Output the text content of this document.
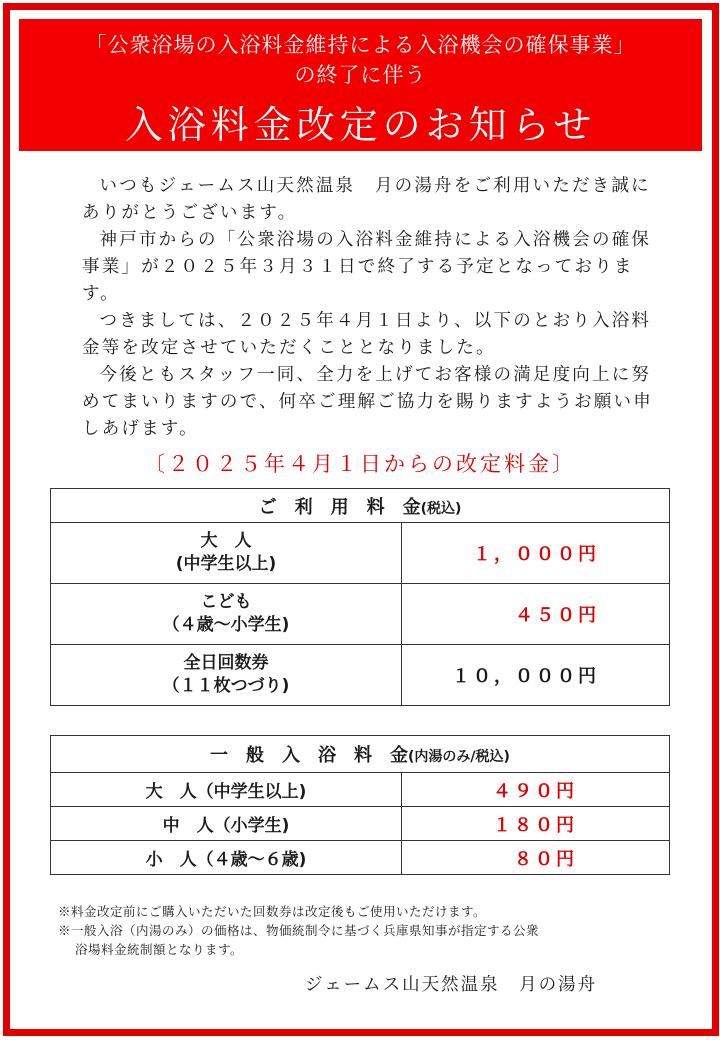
「公衆浴場の入浴料金維持による入浴機会の確保事業」
の終了に伴う
入浴料金改定のお知らせ

いつもジェームス山天然温泉　月の湯舟をご利用いただき誠にありがとうございます。

神戸市からの「公衆浴場の入浴料金維持による入浴機会の確保事業」が２０２５年３月３１日で終了する予定となっております。

つきましては、２０２５年４月１日より、以下のとおり入浴料金等を改定させていただくこととなりました。

今後ともスタッフ一同、全力を上げてお客様の満足度向上に努めてまいりますので、何卒ご理解ご協力を賜りますようお願い申しあげます。

〔２０２５年４月１日からの改定料金〕
ご　利　用　料　金(税込)	

大　人
(中学生以上)	１，０００円

こども
（４歳〜小学生)	４５０円

全日回数券
（１１枚つづり)	１０，０００円
一　般　入　浴　料　金(内湯のみ/税込)	
大　人（中学生以上)	４９０円
中　人（小学生)	１８０円
小　人（４歳〜６歳)	８０円

※料金改定前にご購入いただいた回数券は改定後もご使用いただけます。

※一般入浴（内湯のみ）の価格は、物価統制令に基づく兵庫県知事が指定する公衆

浴場料金統制額となります。

ジェームス山天然温泉　月の湯舟
